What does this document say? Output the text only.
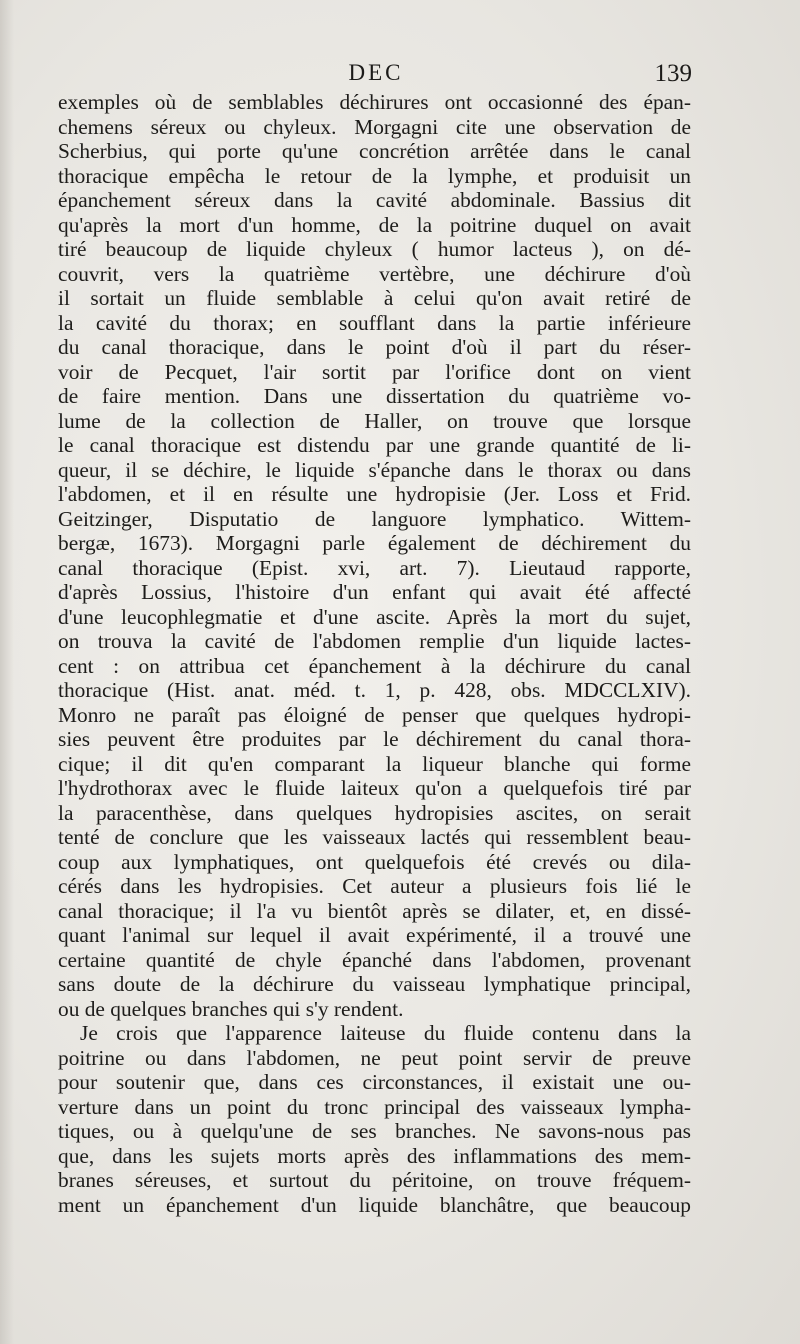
DEC	139
exemples où de semblables déchirures ont occasionné des épan-
chemens séreux ou chyleux. Morgagni cite une observation de
Scherbius, qui porte qu'une concrétion arrêtée dans le canal
thoracique empêcha le retour de la lymphe, et produisit un
épanchement séreux dans la cavité abdominale. Bassius dit
qu'après la mort d'un homme, de la poitrine duquel on avait
tiré beaucoup de liquide chyleux ( humor lacteus ), on dé-
couvrit, vers la quatrième vertèbre, une déchirure d'où
il sortait un fluide semblable à celui qu'on avait retiré de
la cavité du thorax; en soufflant dans la partie inférieure
du canal thoracique, dans le point d'où il part du réser-
voir de Pecquet, l'air sortit par l'orifice dont on vient
de faire mention. Dans une dissertation du quatrième vo-
lume de la collection de Haller, on trouve que lorsque
le canal thoracique est distendu par une grande quantité de li-
queur, il se déchire, le liquide s'épanche dans le thorax ou dans
l'abdomen, et il en résulte une hydropisie (Jer. Loss et Frid.
Geitzinger, Disputatio de languore lymphatico. Wittem-
bergæ, 1673). Morgagni parle également de déchirement du
canal thoracique (Epist. xvi, art. 7). Lieutaud rapporte,
d'après Lossius, l'histoire d'un enfant qui avait été affecté
d'une leucophlegmatie et d'une ascite. Après la mort du sujet,
on trouva la cavité de l'abdomen remplie d'un liquide lactes-
cent : on attribua cet épanchement à la déchirure du canal
thoracique (Hist. anat. méd. t. 1, p. 428, obs. MDCCLXIV).
Monro ne paraît pas éloigné de penser que quelques hydropi-
sies peuvent être produites par le déchirement du canal thora-
cique; il dit qu'en comparant la liqueur blanche qui forme
l'hydrothorax avec le fluide laiteux qu'on a quelquefois tiré par
la paracenthèse, dans quelques hydropisies ascites, on serait
tenté de conclure que les vaisseaux lactés qui ressemblent beau-
coup aux lymphatiques, ont quelquefois été crevés ou dila-
cérés dans les hydropisies. Cet auteur a plusieurs fois lié le
canal thoracique; il l'a vu bientôt après se dilater, et, en dissé-
quant l'animal sur lequel il avait expérimenté, il a trouvé une
certaine quantité de chyle épanché dans l'abdomen, provenant
sans doute de la déchirure du vaisseau lymphatique principal,
ou de quelques branches qui s'y rendent.
Je crois que l'apparence laiteuse du fluide contenu dans la
poitrine ou dans l'abdomen, ne peut point servir de preuve
pour soutenir que, dans ces circonstances, il existait une ou-
verture dans un point du tronc principal des vaisseaux lympha-
tiques, ou à quelqu'une de ses branches. Ne savons-nous pas
que, dans les sujets morts après des inflammations des mem-
branes séreuses, et surtout du péritoine, on trouve fréquem-
ment un épanchement d'un liquide blanchâtre, que beaucoup
